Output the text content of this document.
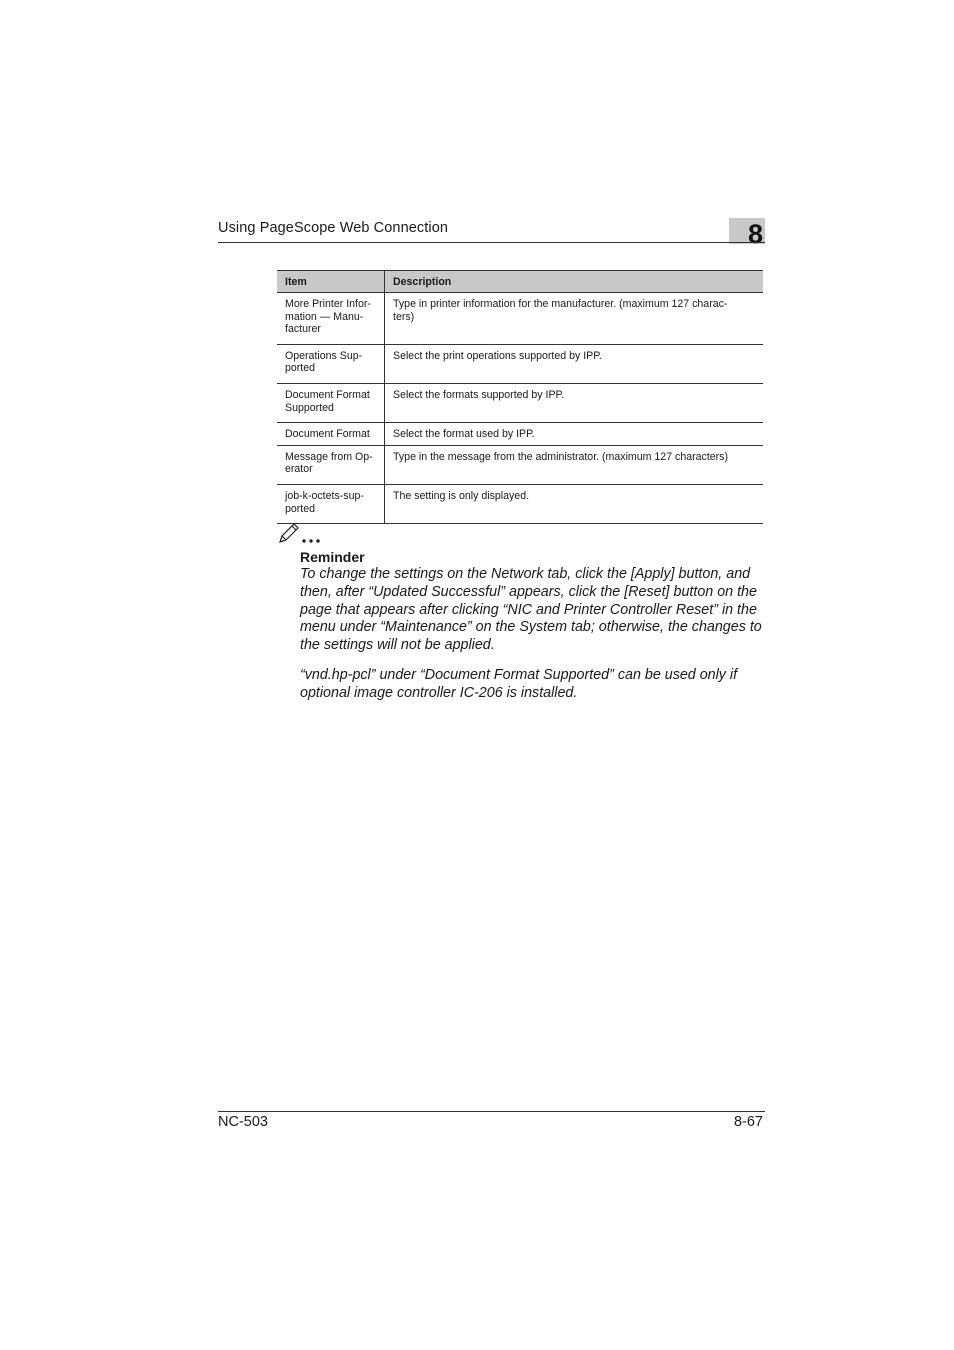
Using PageScope Web Connection	8
Item	Description
More Printer Infor-
mation — Manu-
facturer	Type in printer information for the manufacturer. (maximum 127 charac-
ters)
Operations Sup-
ported	Select the print operations supported by IPP.
Document Format
Supported	Select the formats supported by IPP.
Document Format	Select the format used by IPP.
Message from Op-
erator	Type in the message from the administrator. (maximum 127 characters)
job-k-octets-sup-
ported	The setting is only displayed.
Reminder

To change the settings on the Network tab, click the [Apply] button, and then, after “Updated Successful” appears, click the [Reset] button on the page that appears after clicking “NIC and Printer Controller Reset” in the menu under “Maintenance” on the System tab; otherwise, the changes to the settings will not be applied.

“vnd.hp-pcl” under “Document Format Supported” can be used only if optional image controller IC-206 is installed.

NC-503	8-67
